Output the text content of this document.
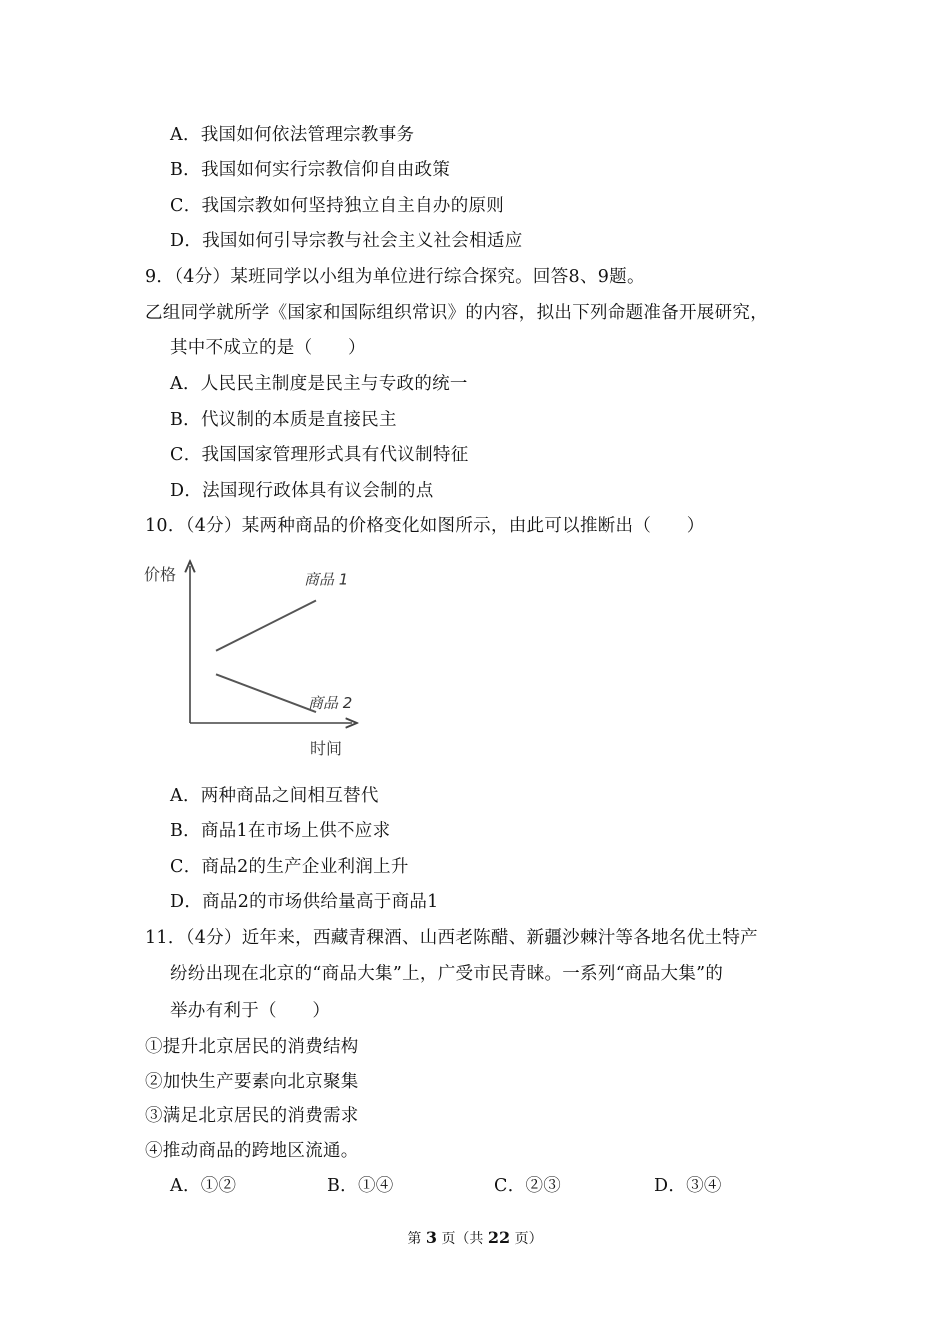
A．我国如何依法管理宗教事务
B．我国如何实行宗教信仰自由政策
C．我国宗教如何坚持独立自主自办的原则
D．我国如何引导宗教与社会主义社会相适应
9．（4分）某班同学以小组为单位进行综合探究。回答8、9题。
乙组同学就所学《国家和国际组织常识》的内容，拟出下列命题准备开展研究，
其中不成立的是（　　）
A．人民民主制度是民主与专政的统一
B．代议制的本质是直接民主
C．我国国家管理形式具有代议制特征
D．法国现行政体具有议会制的点
10．（4分）某两种商品的价格变化如图所示，由此可以推断出（　　）
价格
时间
商品 1
商品 2
A．两种商品之间相互替代
B．商品1在市场上供不应求
C．商品2的生产企业利润上升
D．商品2的市场供给量高于商品1
11．（4分）近年来，西藏青稞酒、山西老陈醋、新疆沙棘汁等各地名优土特产
纷纷出现在北京的“商品大集”上，广受市民青睐。一系列“商品大集”的
举办有利于（　　）
①提升北京居民的消费结构
②加快生产要素向北京聚集
③满足北京居民的消费需求
④推动商品的跨地区流通。
A．①②	B．①④	C．②③	D．③④
第 3 页（共 22 页）
